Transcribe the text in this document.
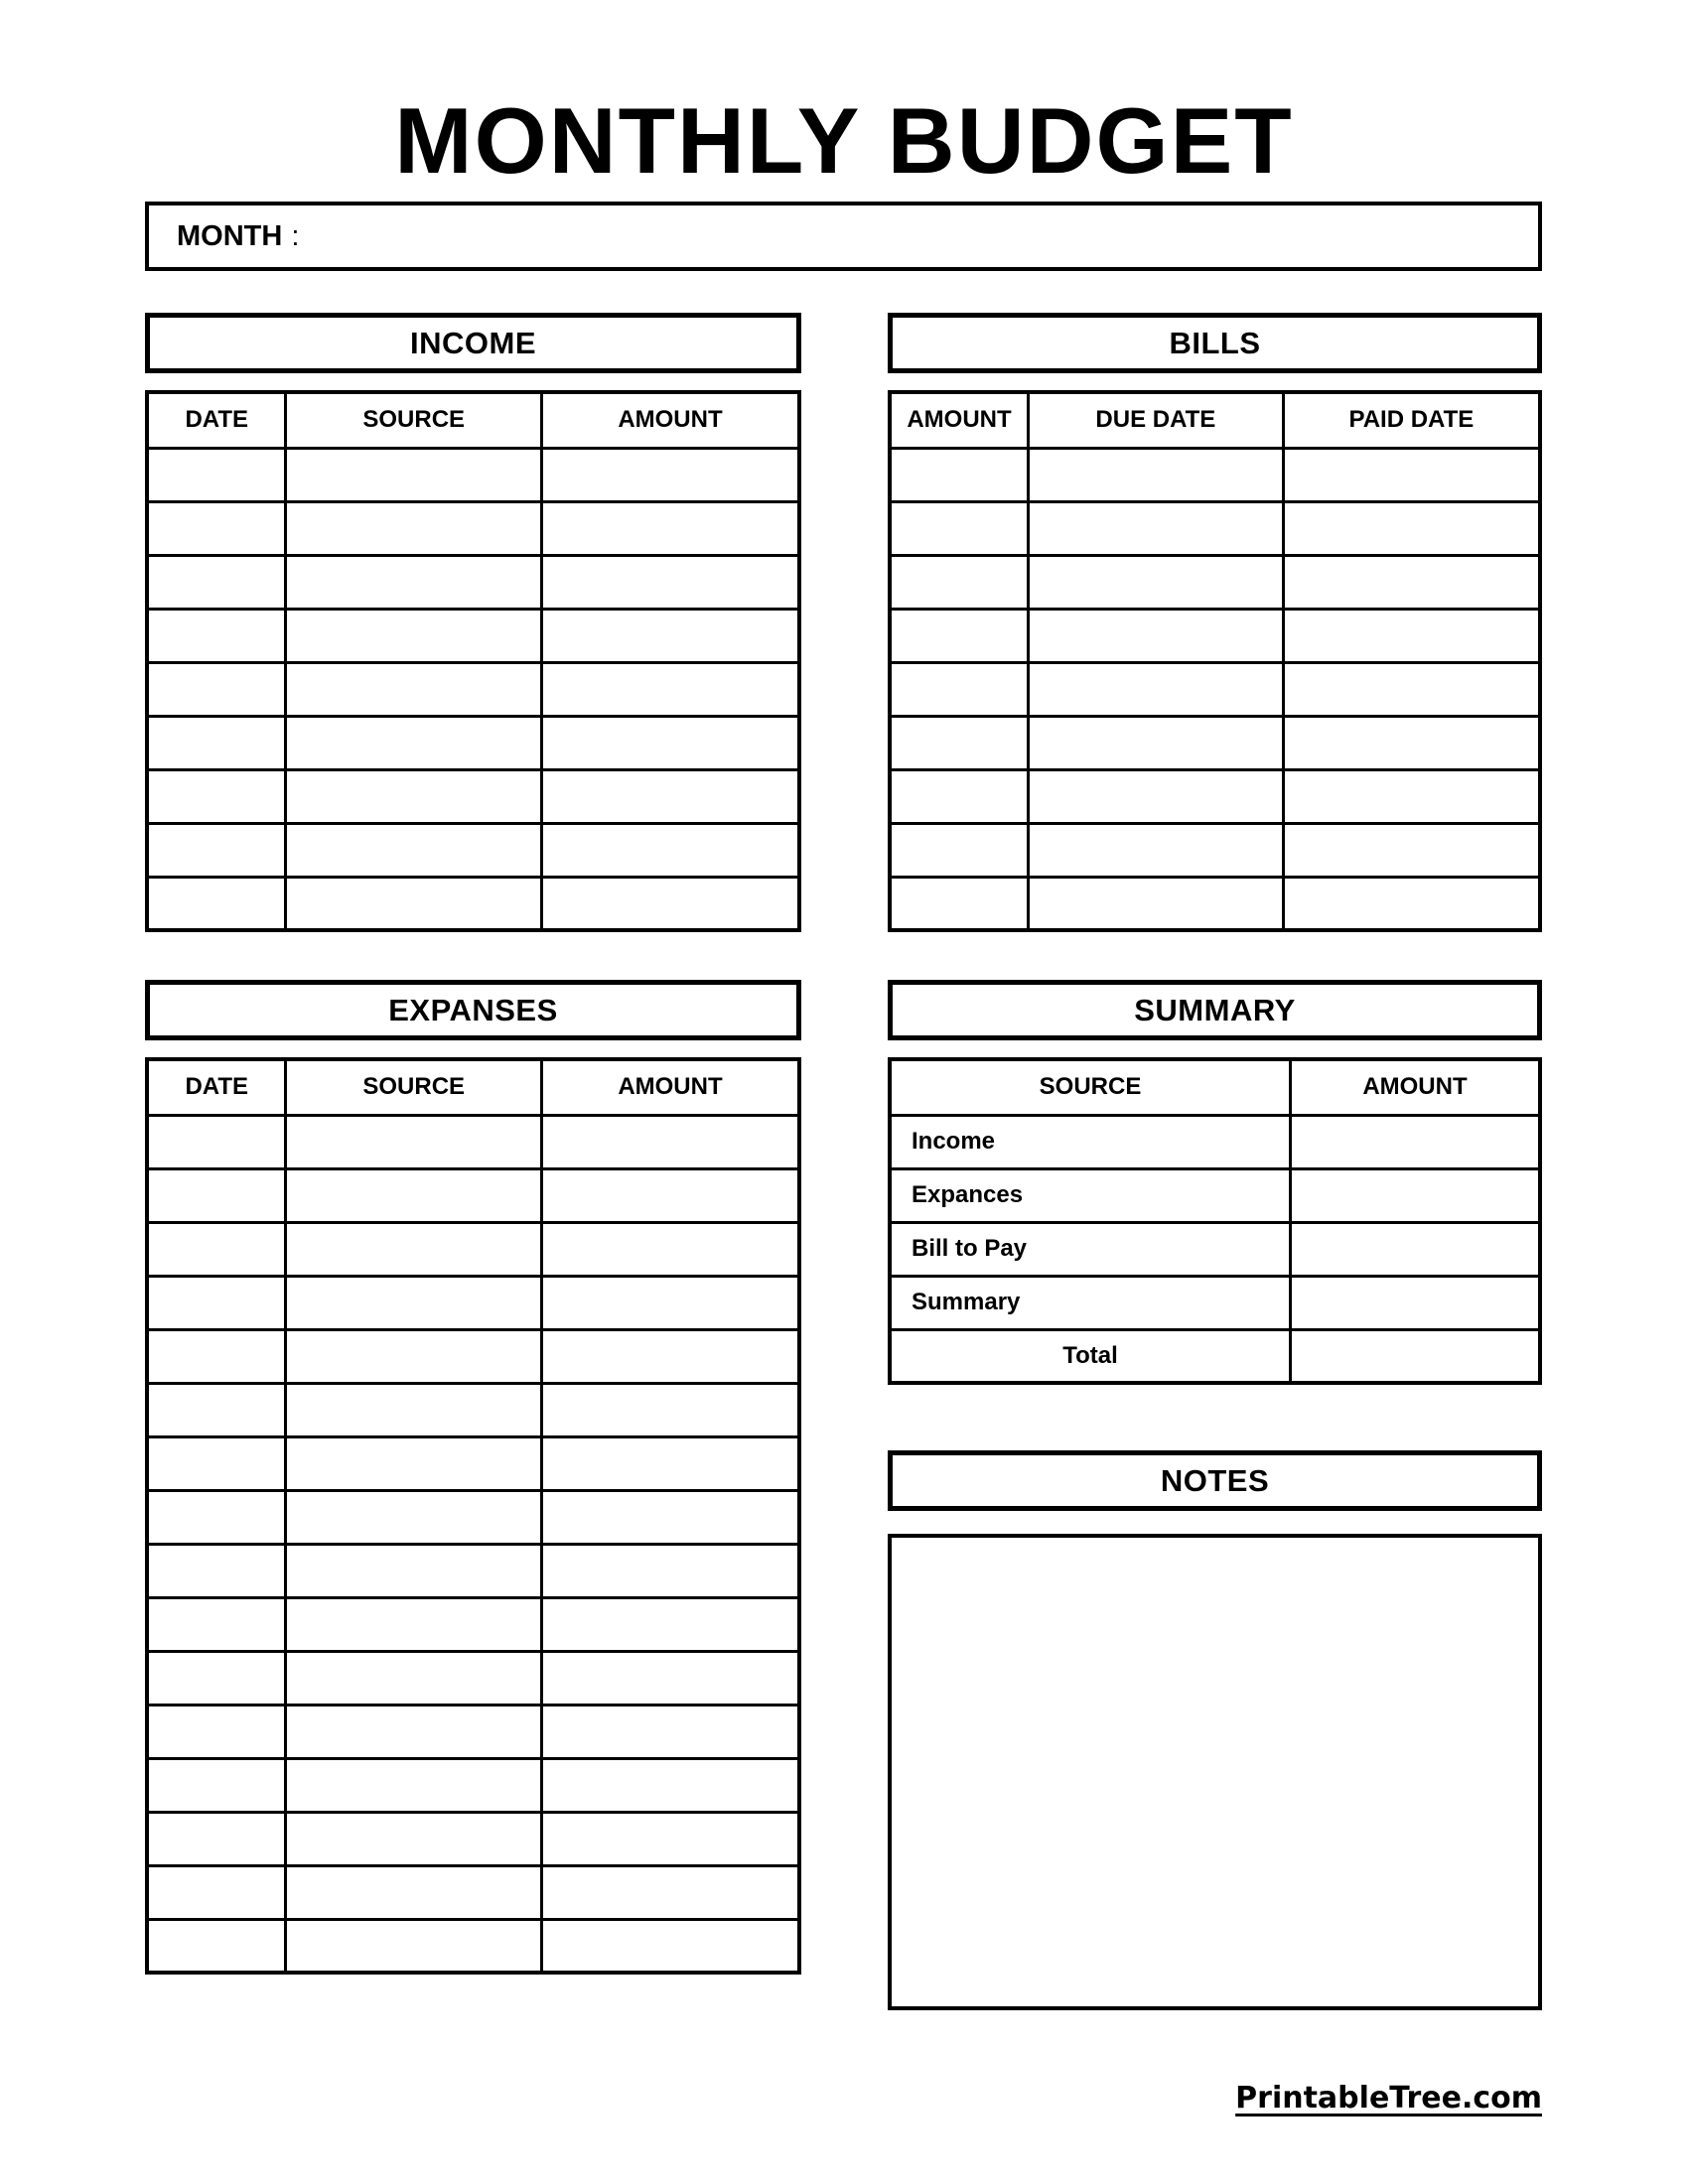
MONTHLY BUDGET
MONTH :
INCOME
DATE	SOURCE	AMOUNT

EXPANSES
DATE	SOURCE	AMOUNT

BILLS
AMOUNT	DUE DATE	PAID DATE

SUMMARY
SOURCE	AMOUNT
Income	
Expances	
Bill to Pay	
Summary	
Total	
NOTES
PrintableTree.com
